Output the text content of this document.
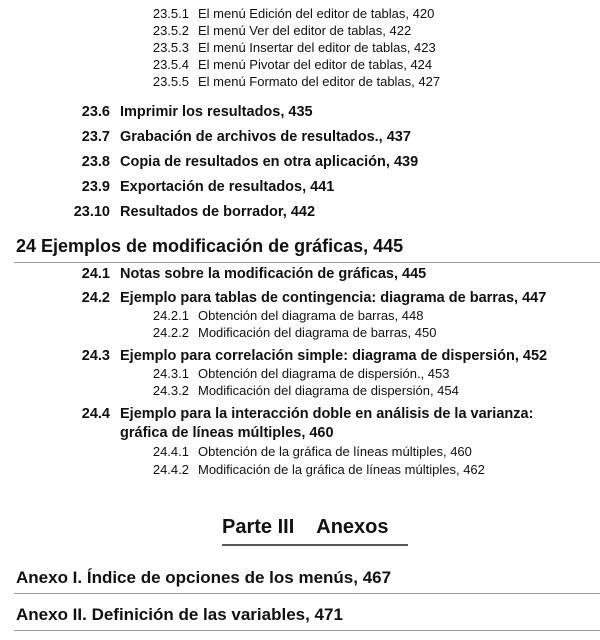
23.5.1 El menú Edición del editor de tablas, 420
23.5.2 El menú Ver del editor de tablas, 422
23.5.3 El menú Insertar del editor de tablas, 423
23.5.4 El menú Pivotar del editor de tablas, 424
23.5.5 El menú Formato del editor de tablas, 427
23.6 Imprimir los resultados, 435
23.7 Grabación de archivos de resultados., 437
23.8 Copia de resultados en otra aplicación, 439
23.9 Exportación de resultados, 441
23.10 Resultados de borrador, 442
24 Ejemplos de modificación de gráficas, 445
24.1 Notas sobre la modificación de gráficas, 445
24.2 Ejemplo para tablas de contingencia: diagrama de barras, 447
24.2.1 Obtención del diagrama de barras, 448
24.2.2 Modificación del diagrama de barras, 450
24.3 Ejemplo para correlación simple: diagrama de dispersión, 452
24.3.1 Obtención del diagrama de dispersión., 453
24.3.2 Modificación del diagrama de dispersión, 454
24.4 Ejemplo para la interacción doble en análisis de la varianza:
gráfica de líneas múltiples, 460
24.4.1 Obtención de la gráfica de líneas múltiples, 460
24.4.2 Modificación de la gráfica de líneas múltiples, 462
Parte III Anexos
Anexo I. Índice de opciones de los menús, 467
Anexo II. Definición de las variables, 471
